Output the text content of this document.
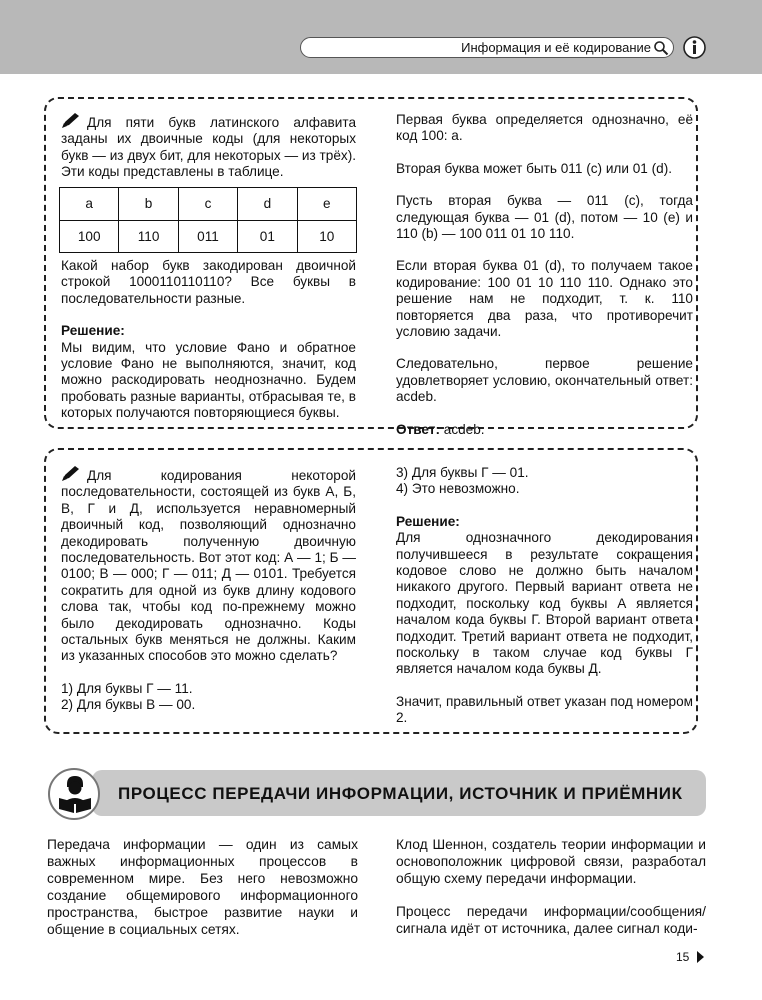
Информация и её кодирование

Для пяти букв латинского алфавита заданы их двоичные коды (для некоторых букв — из двух бит, для некоторых — из трёх). Эти коды представлены в таблице.

a	b	c	d	e
100	110	011	01	10

Какой набор букв закодирован двоичной строкой 1000110110110? Все буквы в последовательности разные.

Решение:

Мы видим, что условие Фано и обратное условие Фано не выполняются, значит, код можно раскодировать неоднозначно. Будем пробовать разные варианты, отбрасывая те, в которых получаются повторяющиеся буквы.

Первая буква определяется однозначно, её код 100: a.

Вторая буква может быть 011 (c) или 01 (d).

Пусть вторая буква — 011 (c), тогда следующая буква — 01 (d), потом — 10 (e) и 110 (b) — 100 011 01 10 110.

Если вторая буква 01 (d), то получаем такое кодирование: 100 01 10 110 110. Однако это решение нам не подходит, т. к. 110 повторяется два раза, что противоречит условию задачи.

Следовательно, первое решение удовлетворяет условию, окончательный ответ: acdeb.

Ответ: acdeb.

Для кодирования некоторой последовательности, состоящей из букв А, Б, В, Г и Д, используется неравномерный двоичный код, позволяющий однозначно декодировать полученную двоичную последовательность. Вот этот код: А — 1; Б — 0100; В — 000; Г — 011; Д — 0101. Требуется сократить для одной из букв длину кодового слова так, чтобы код по-прежнему можно было декодировать однозначно. Коды остальных букв меняться не должны. Каким из указанных способов это можно сделать?

1) Для буквы Г — 11.

2) Для буквы В — 00.

3) Для буквы Г — 01.

4) Это невозможно.

Решение:

Для однозначного декодирования получившееся в результате сокращения кодовое слово не должно быть началом никакого другого. Первый вариант ответа не подходит, поскольку код буквы А является началом кода буквы Г. Второй вариант ответа подходит. Третий вариант ответа не подходит, поскольку в таком случае код буквы Г является началом кода буквы Д.

Значит, правильный ответ указан под номером 2.

ПРОЦЕСС ПЕРЕДАЧИ ИНФОРМАЦИИ, ИСТОЧНИК И ПРИЁМНИК

Передача информации — один из самых важных информационных процессов в современном мире. Без него невозможно создание общемирового информационного пространства, быстрое развитие науки и общение в социальных сетях.

Клод Шеннон, создатель теории информации и основоположник цифровой связи, разработал общую схему передачи информации.

Процесс передачи информации/сообщения/сигнала идёт от источника, далее сигнал коди-

15
